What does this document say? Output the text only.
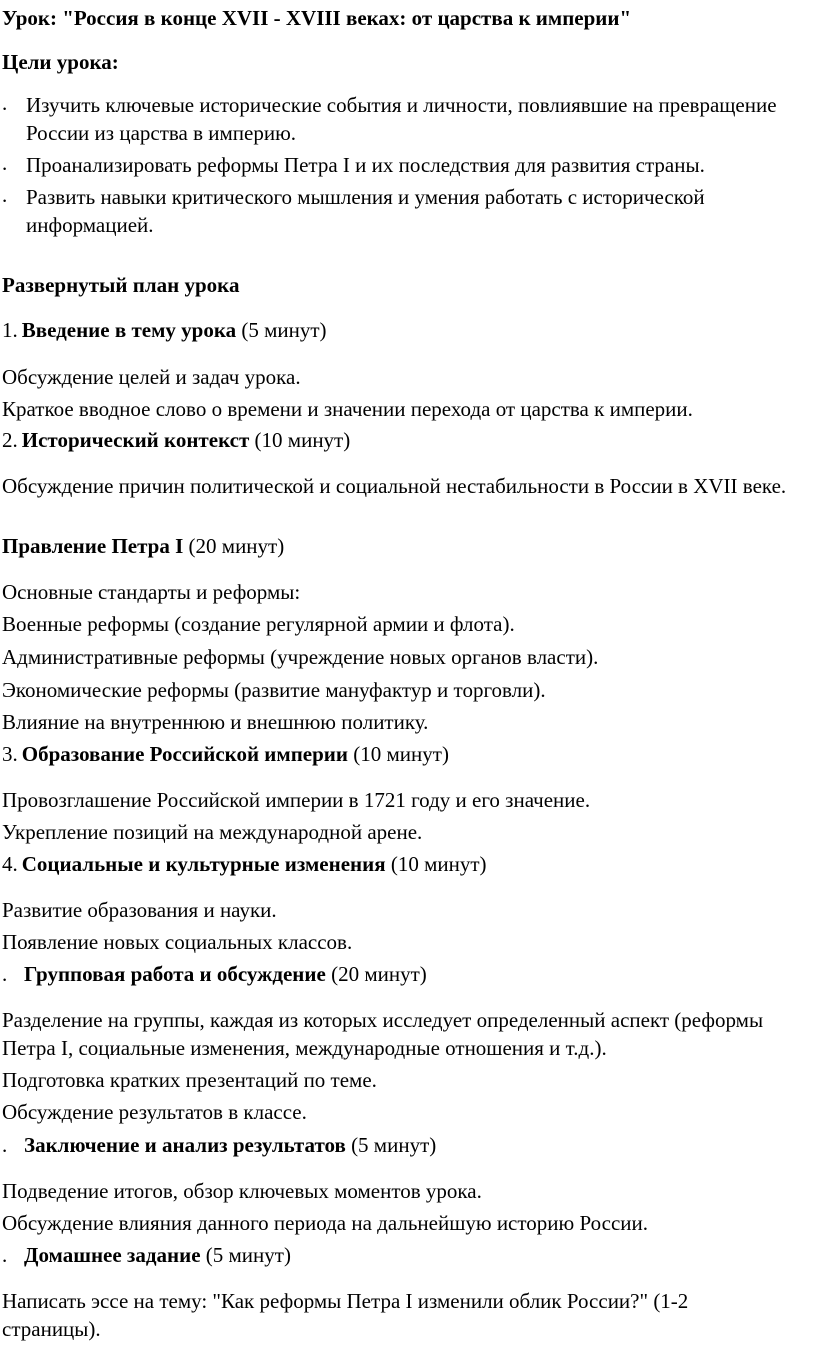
Урок: "Россия в конце XVII - XVIII веках: от царства к империи"
Цели урока:
. Изучить ключевые исторические события и личности, повлиявшие на превращение России из царства в империю.
. Проанализировать реформы Петра I и их последствия для развития страны.
. Развить навыки критического мышления и умения работать с исторической информацией.
Развернутый план урока
1. Введение в тему урока (5 минут)
Обсуждение целей и задач урока.
Краткое вводное слово о времени и значении перехода от царства к империи.
2. Исторический контекст (10 минут)
Обсуждение причин политической и социальной нестабильности в России в XVII веке.
Правление Петра I (20 минут)
Основные стандарты и реформы:
Военные реформы (создание регулярной армии и флота).
Административные реформы (учреждение новых органов власти).
Экономические реформы (развитие мануфактур и торговли).
Влияние на внутреннюю и внешнюю политику.
3. Образование Российской империи (10 минут)
Провозглашение Российской империи в 1721 году и его значение.
Укрепление позиций на международной арене.
4. Социальные и культурные изменения (10 минут)
Развитие образования и науки.
Появление новых социальных классов.
. Групповая работа и обсуждение (20 минут)
Разделение на группы, каждая из которых исследует определенный аспект (реформы Петра I, социальные изменения, международные отношения и т.д.).
Подготовка кратких презентаций по теме.
Обсуждение результатов в классе.
. Заключение и анализ результатов (5 минут)
Подведение итогов, обзор ключевых моментов урока.
Обсуждение влияния данного периода на дальнейшую историю России.
. Домашнее задание (5 минут)
Написать эссе на тему: "Как реформы Петра I изменили облик России?" (1-2 страницы).
